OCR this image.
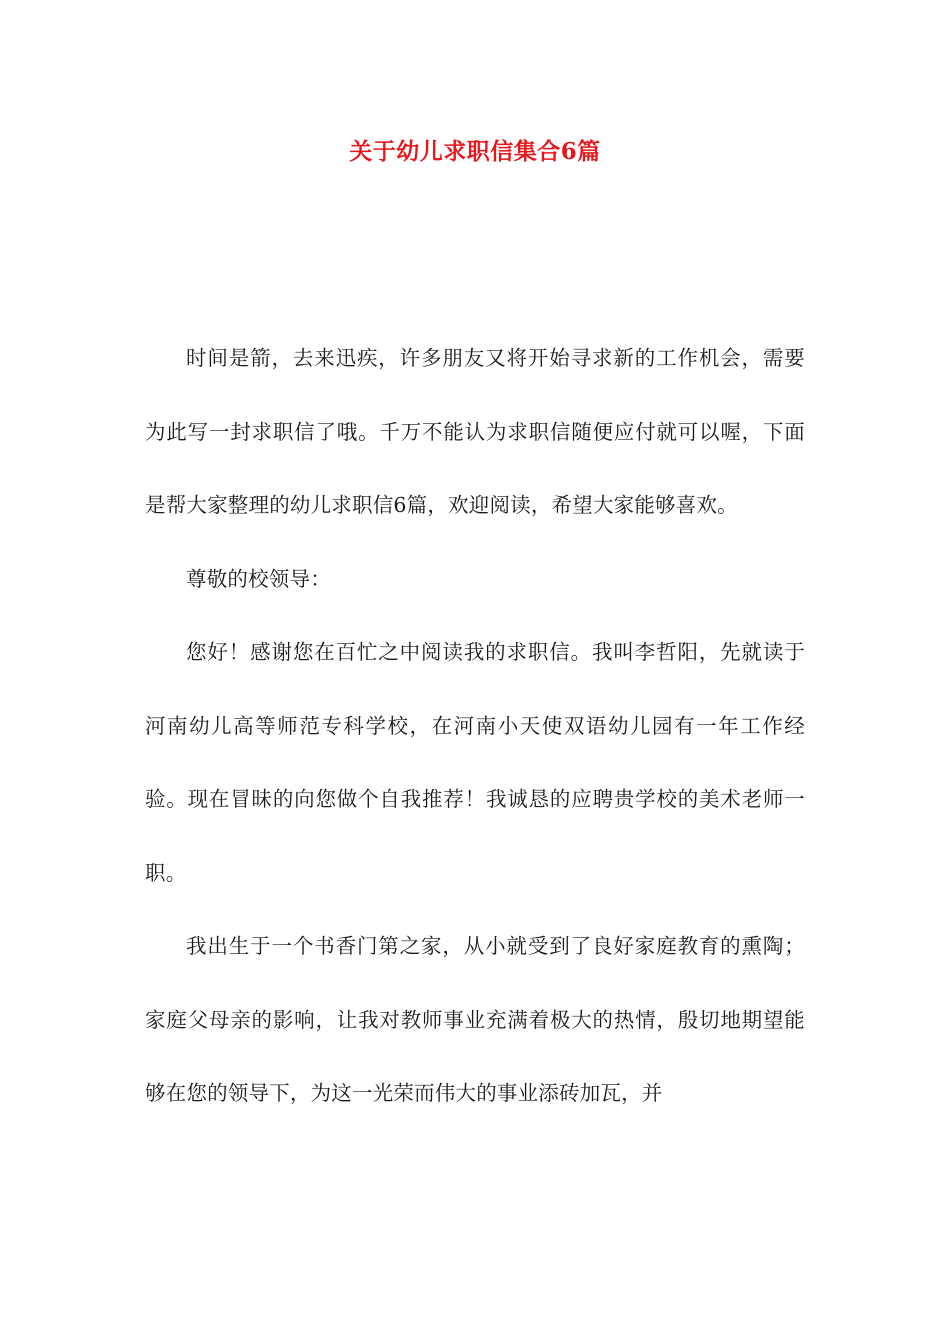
关于幼儿求职信集合6篇

时间是箭，去来迅疾，许多朋友又将开始寻求新的工作机会，需要为此写一封求职信了哦。千万不能认为求职信随便应付就可以喔，下面是帮大家整理的幼儿求职信6篇，欢迎阅读，希望大家能够喜欢。

尊敬的校领导：

您好！感谢您在百忙之中阅读我的求职信。我叫李哲阳，先就读于河南幼儿高等师范专科学校，在河南小天使双语幼儿园有一年工作经验。现在冒昧的向您做个自我推荐！我诚恳的应聘贵学校的美术老师一职。

我出生于一个书香门第之家，从小就受到了良好家庭教育的熏陶；家庭父母亲的影响，让我对教师事业充满着极大的热情，殷切地期望能够在您的领导下，为这一光荣而伟大的事业添砖加瓦，并
